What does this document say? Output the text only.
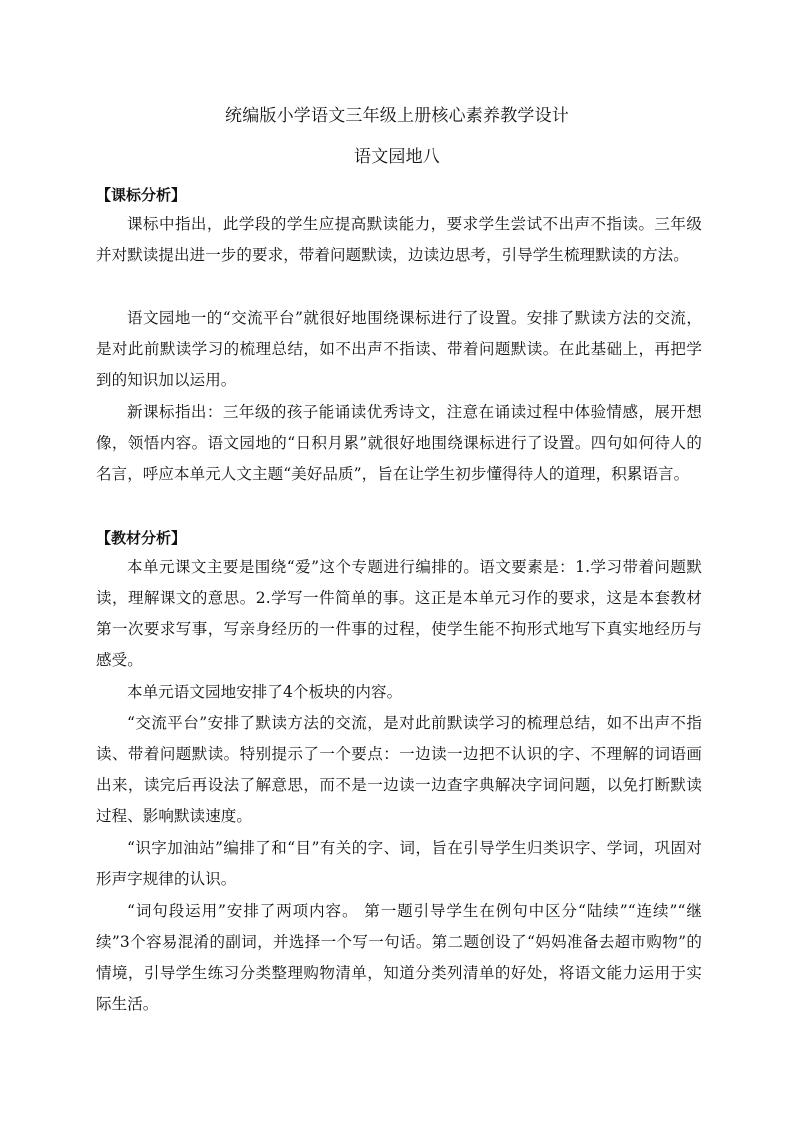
统编版小学语文三年级上册核心素养教学设计
语文园地八
【课标分析】
课标中指出，此学段的学生应提高默读能力，要求学生尝试不出声不指读。三年级并对默读提出进一步的要求，带着问题默读，边读边思考，引导学生梳理默读的方法。
语文园地一的“交流平台”就很好地围绕课标进行了设置。安排了默读方法的交流，是对此前默读学习的梳理总结，如不出声不指读、带着问题默读。在此基础上，再把学到的知识加以运用。
新课标指出：三年级的孩子能诵读优秀诗文，注意在诵读过程中体验情感，展开想像，领悟内容。语文园地的“日积月累”就很好地围绕课标进行了设置。四句如何待人的名言，呼应本单元人文主题“美好品质”，旨在让学生初步懂得待人的道理，积累语言。
【教材分析】
本单元课文主要是围绕“爱”这个专题进行编排的。语文要素是：1.学习带着问题默读，理解课文的意思。2.学写一件简单的事。这正是本单元习作的要求，这是本套教材第一次要求写事，写亲身经历的一件事的过程，使学生能不拘形式地写下真实地经历与感受。
本单元语文园地安排了4个板块的内容。
“交流平台”安排了默读方法的交流，是对此前默读学习的梳理总结，如不出声不指读、带着问题默读。特别提示了一个要点：一边读一边把不认识的字、不理解的词语画出来，读完后再设法了解意思，而不是一边读一边查字典解决字词问题，以免打断默读过程、影响默读速度。
“识字加油站”编排了和“目”有关的字、词，旨在引导学生归类识字、学词，巩固对形声字规律的认识。
“词句段运用”安排了两项内容。 第一题引导学生在例句中区分“陆续”“连续”“继续”3个容易混淆的副词，并选择一个写一句话。第二题创设了“妈妈准备去超市购物”的情境，引导学生练习分类整理购物清单，知道分类列清单的好处，将语文能力运用于实际生活。
